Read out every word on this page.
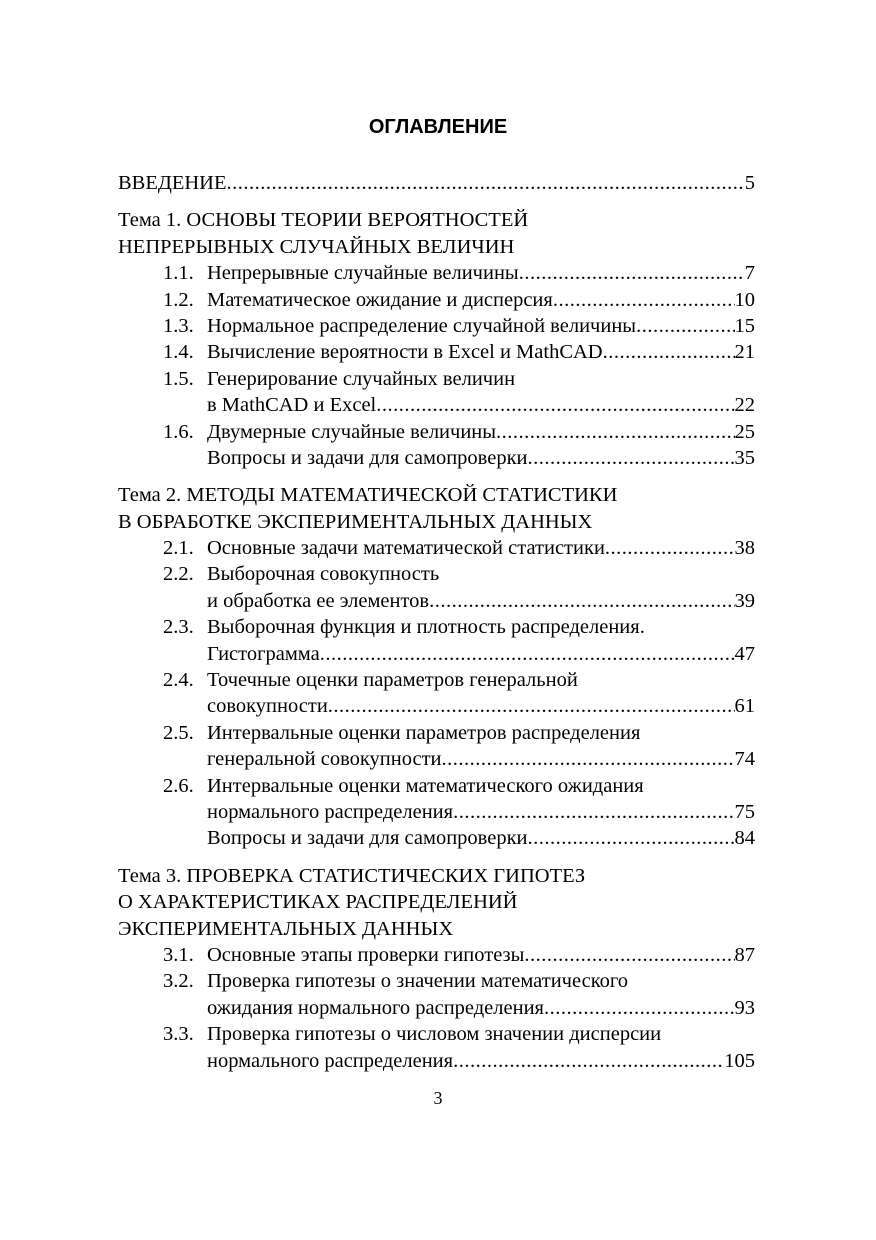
ОГЛАВЛЕНИЕ
ВВЕДЕНИЕ .....	5
Тема 1. ОСНОВЫ ТЕОРИИ ВЕРОЯТНОСТЕЙ
НЕПРЕРЫВНЫХ СЛУЧАЙНЫХ ВЕЛИЧИН
1.1. Непрерывные случайные величины .....	7
1.2. Математическое ожидание и дисперсия .....	10
1.3. Нормальное распределение случайной величины .....	15
1.4. Вычисление вероятности в Excel и MathCAD .....	21
1.5. Генерирование случайных величин
в MathCAD и Excel .....	22
1.6. Двумерные случайные величины .....	25
Вопросы и задачи для самопроверки .....	35
Тема 2. МЕТОДЫ МАТЕМАТИЧЕСКОЙ СТАТИСТИКИ
В ОБРАБОТКЕ ЭКСПЕРИМЕНТАЛЬНЫХ ДАННЫХ
2.1. Основные задачи математической статистики .....	38
2.2. Выборочная совокупность
и обработка ее элементов .....	39
2.3. Выборочная функция и плотность распределения.
Гистограмма .....	47
2.4. Точечные оценки параметров генеральной
совокупности .....	61
2.5. Интервальные оценки параметров распределения
генеральной совокупности .....	74
2.6. Интервальные оценки математического ожидания
нормального распределения .....	75
Вопросы и задачи для самопроверки .....	84
Тема 3. ПРОВЕРКА СТАТИСТИЧЕСКИХ ГИПОТЕЗ
О ХАРАКТЕРИСТИКАХ РАСПРЕДЕЛЕНИЙ
ЭКСПЕРИМЕНТАЛЬНЫХ ДАННЫХ
3.1. Основные этапы проверки гипотезы .....	87
3.2. Проверка гипотезы о значении математического
ожидания нормального распределения .....	93
3.3. Проверка гипотезы о числовом значении дисперсии
нормального распределения .....	105
3
